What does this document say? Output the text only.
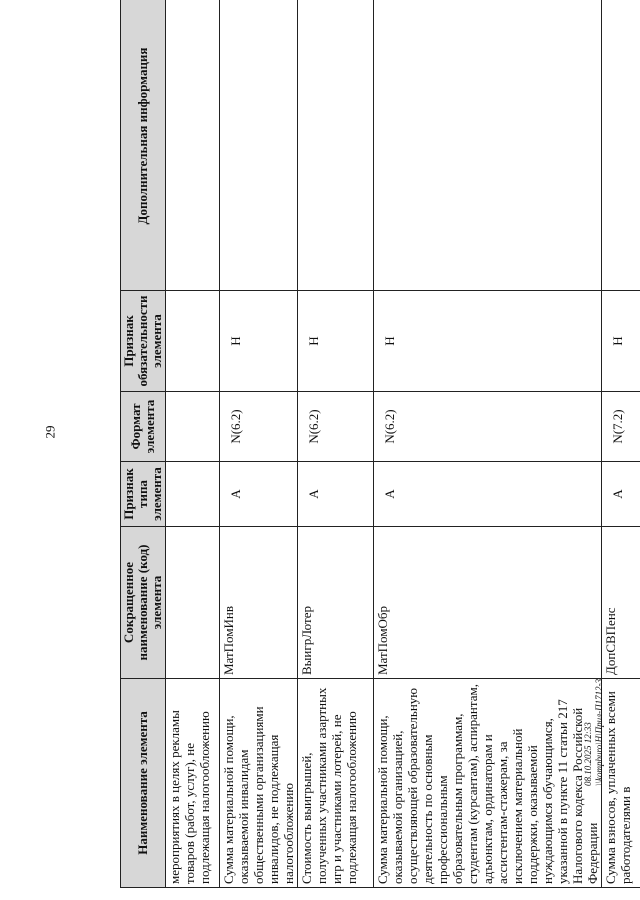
29
Наименование элемента	Сокращенное наименование (код) элемента	Признак типа элемента	Формат элемента	Признак обязательности элемента	Дополнительная информация
мероприятиях в целях рекламы товаров (работ, услуг), не подлежащая налогообложению					
Сумма материальной помощи, оказываемой инвалидам общественными организациями инвалидов, не подлежащая налогообложению	МатПомИнв	А	N(6.2)	Н	
Стоимость выигрышей, полученных участниками азартных игр и участниками лотерей, не подлежащая налогообложению	ВыигрЛотер	А	N(6.2)	Н	
Сумма материальной помощи, оказываемой организацией, осуществляющей образовательную деятельность по основным профессиональным образовательным программам, студентам (курсантам), аспирантам, адъюнктам, ординаторам и ассистентам-стажерам, за исключением материальной поддержки, оказываемой нуждающимся обучающимся, указанной в пункте 11 статьи 217 Налогового кодекса Российской Федерации	МатПомОбр	А	N(6.2)	Н	
Сумма взносов, уплаченных всеми работодателями в	ДопСВПенс	А	N(7.2)	Н	
08.10.2025 12:33 \\kompburo\Н\Прил-П1712-3
